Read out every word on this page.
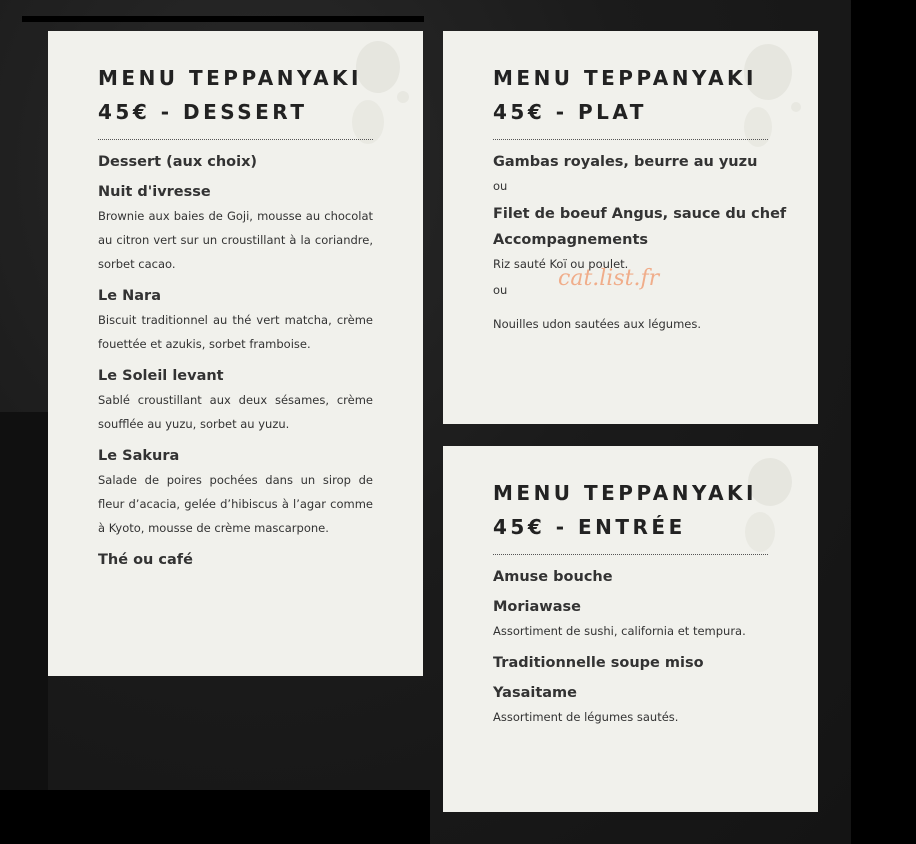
MENU TEPPANYAKI
45€ - DESSERT

Dessert (aux choix)

Nuit d'ivresse

Brownie aux baies de Goji, mousse au chocolat au citron vert sur un croustillant à la coriandre, sorbet cacao.

Le Nara

Biscuit traditionnel au thé vert matcha, crème fouettée et azukis, sorbet framboise.

Le Soleil levant

Sablé croustillant aux deux sésames, crème soufflée au yuzu, sorbet au yuzu.

Le Sakura

Salade de poires pochées dans un sirop de fleur d’acacia, gelée d’hibiscus à l’agar comme à Kyoto, mousse de crème mascarpone.

Thé ou café

MENU TEPPANYAKI
45€ - PLAT

Gambas royales, beurre au yuzu

ou

Filet de boeuf Angus, sauce du chef

Accompagnements

Riz sauté Koï ou poulet.

ou

Nouilles udon sautées aux légumes.

MENU TEPPANYAKI
45€ - ENTRÉE

Amuse bouche

Moriawase

Assortiment de sushi, california et tempura.

Traditionnelle soupe miso

Yasaitame

Assortiment de légumes sautés.

cat.list.fr
